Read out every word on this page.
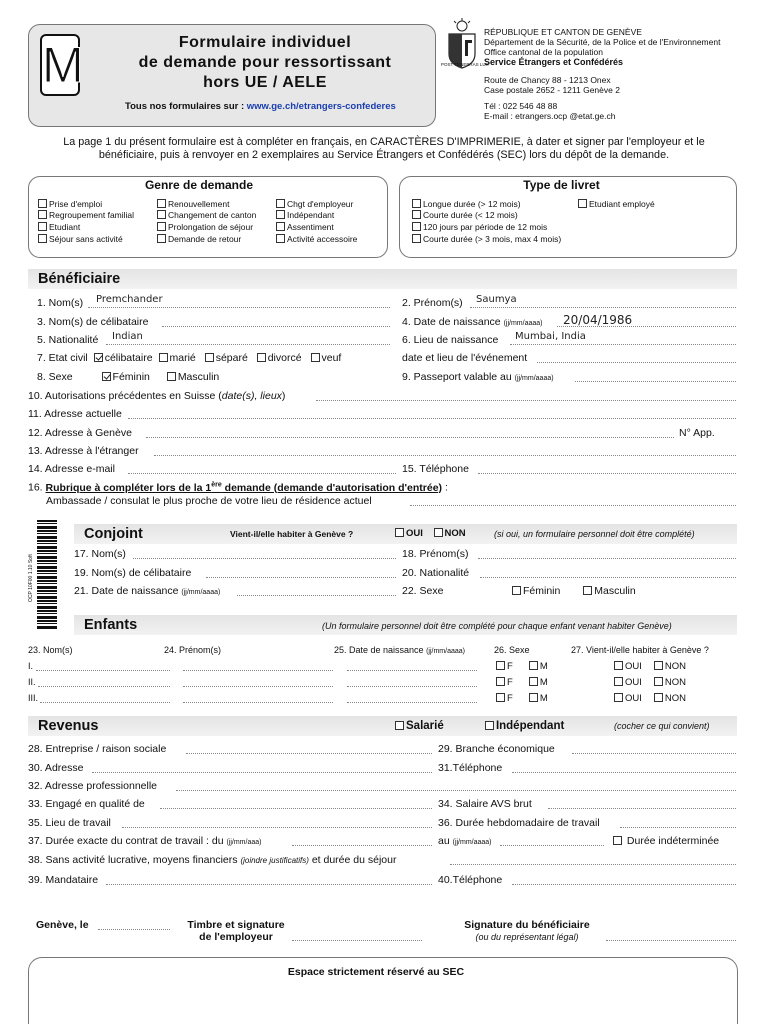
M	Formulaire individuel
de demande pour ressortissant
hors UE / AELE
Tous nos formulaires sur : www.ge.ch/etrangers-confederes
POST TENEBRAS LUX
RÉPUBLIQUE ET CANTON DE GENÈVE
Département de la Sécurité, de la Police et de l'Environnement
Office cantonal de la population
Service Étrangers et Confédérés
Route de Chancy 88 - 1213 Onex
Case postale 2652 - 1211 Genève 2
Tél : 022 546 48 88
E-mail : etrangers.ocp @etat.ge.ch
La page 1 du présent formulaire est à compléter en français, en CARACTÈRES D'IMPRIMERIE, à dater et signer par l'employeur et le
bénéficiaire, puis à renvoyer en 2 exemplaires au Service Étrangers et Confédérés (SEC) lors du dépôt de la demande.
Genre de demande
Prise d'emploi
Regroupement familial
Etudiant
Séjour sans activité
Renouvellement
Changement de canton
Prolongation de séjour
Demande de retour
Chgt d'employeur
Indépendant
Assentiment
Activité accessoire
Type de livret
Longue durée (> 12 mois)
Courte durée (< 12 mois)
120 jours par période de 12 mois
Courte durée (> 3 mois, max 4 mois)
Etudiant employé
Bénéficiaire
1. Nom(s) Premchander	2. Prénom(s) Saumya
3. Nom(s) de célibataire	4. Date de naissance (jj/mm/aaaa) 20/04/1986
5. Nationalité Indian	6. Lieu de naissance Mumbai, India
7. Etat civil célibataire marié séparé divorcé veuf	date et lieu de l'événement
8. Sexe	Féminin	Masculin	9. Passeport valable au (jj/mm/aaaa)
10. Autorisations précédentes en Suisse (date(s), lieux)
11. Adresse actuelle
12. Adresse à Genève	N° App.
13. Adresse à l'étranger
14. Adresse e-mail	15. Téléphone
16. Rubrique à compléter lors de la 1ère demande (demande d'autorisation d'entrée) :
Ambassade / consulat le plus proche de votre lieu de résidence actuel
OCP 10F00 1.10 Soft
Conjoint	Vient-il/elle habiter à Genève ?	OUI NON	(si oui, un formulaire personnel doit être complété)
17. Nom(s)	18. Prénom(s)
19. Nom(s) de célibataire	20. Nationalité
21. Date de naissance (jj/mm/aaaa)	22. Sexe	Féminin	Masculin
Enfants	(Un formulaire personnel doit être complété pour chaque enfant venant habiter Genève)
23. Nom(s)	24. Prénom(s)	25. Date de naissance (jj/mm/aaaa)	26. Sexe	27. Vient-il/elle habiter à Genève ?
I.	F	M	OUI NON
II.	F	M	OUI NON
III.	F	M	OUI NON
Revenus	Salarié	Indépendant	(cocher ce qui convient)
28. Entreprise / raison sociale	29. Branche économique
30. Adresse	31.Téléphone
32. Adresse professionnelle
33. Engagé en qualité de	34. Salaire AVS brut
35. Lieu de travail	36. Durée hebdomadaire de travail
37. Durée exacte du contrat de travail : du (jj/mm/aaa)	au (jj/mm/aaaa)	Durée indéterminée
38. Sans activité lucrative, moyens financiers (joindre justificatifs) et durée du séjour
39. Mandataire	40.Téléphone
Genève, le	Timbre et signature
de l'employeur
Signature du bénéficiaire
(ou du représentant légal)
Espace strictement réservé au SEC
